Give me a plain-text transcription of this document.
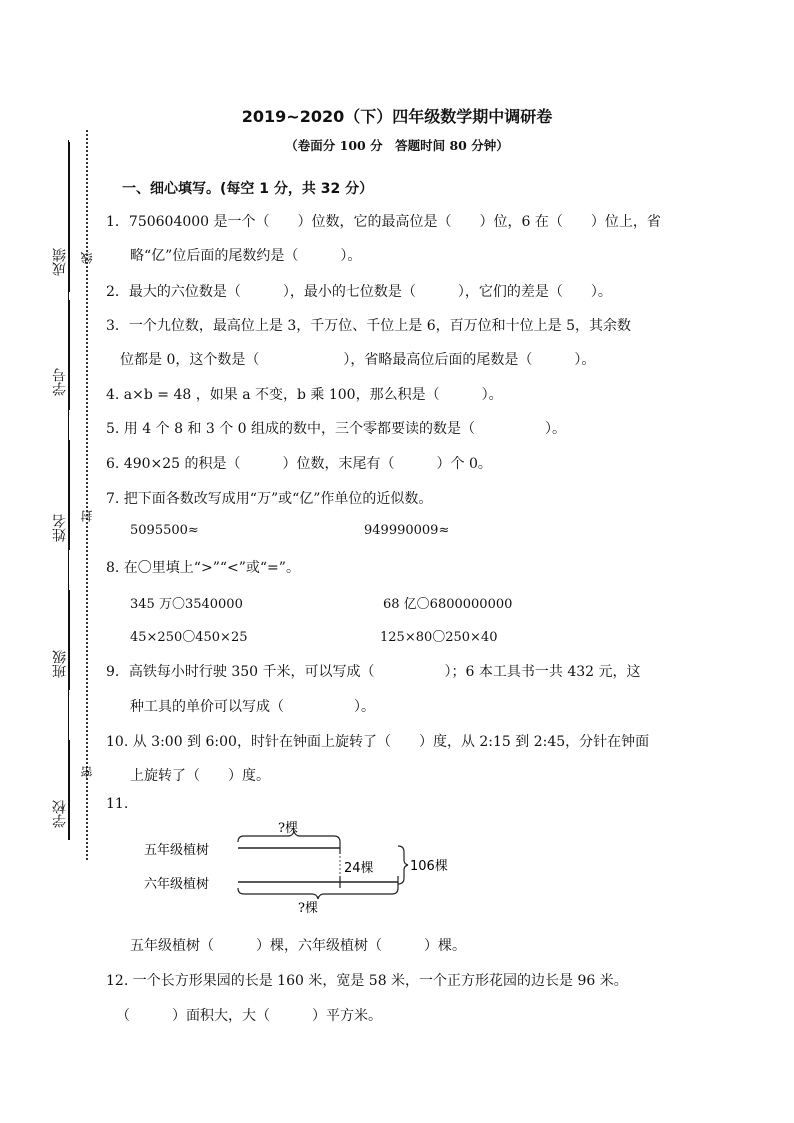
成绩
学号
姓名
班级
学校
线
封
密
2019~2020（下）四年级数学期中调研卷
（卷面分 100 分　答题时间 80 分钟）
一、细心填写。(每空 1 分，共 32 分）
1．750604000 是一个（　　）位数，它的最高位是（　　）位，6 在（　　）位上，省
略“亿”位后面的尾数约是（　　　）。
2．最大的六位数是（　　　），最小的七位数是（　　　），它们的差是（　　）。
3．一个九位数，最高位上是 3，千万位、千位上是 6，百万位和十位上是 5，其余数
位都是 0，这个数是（　　　　　　），省略最高位后面的尾数是（　　　）。
4. a×b = 48 ，如果 a 不变，b 乘 100，那么积是（　　　）。
5. 用 4 个 8 和 3 个 0 组成的数中，三个零都要读的数是（　　　　　）。
6. 490×25 的积是（　　　）位数，末尾有（　　　）个 0。
7. 把下面各数改写成用“万”或“亿”作单位的近似数。
5095500≈	949990009≈
8. 在〇里填上“>”“<”或“=”。
345 万〇3540000	68 亿〇6800000000
45×250〇450×25	125×80〇250×40
9．高铁每小时行驶 350 千米，可以写成（　　　　　）；6 本工具书一共 432 元，这
种工具的单价可以写成（　　　　　）。
10. 从 3:00 到 6:00，时针在钟面上旋转了（　　）度，从 2:15 到 2:45，分针在钟面
上旋转了（　　）度。
11.
?棵
五年级植树
六年级植树
24棵	106棵
?棵
五年级植树（　　　）棵，六年级植树（　　　）棵。
12. 一个长方形果园的长是 160 米，宽是 58 米，一个正方形花园的边长是 96 米。
（　　　）面积大，大（　　　）平方米。
